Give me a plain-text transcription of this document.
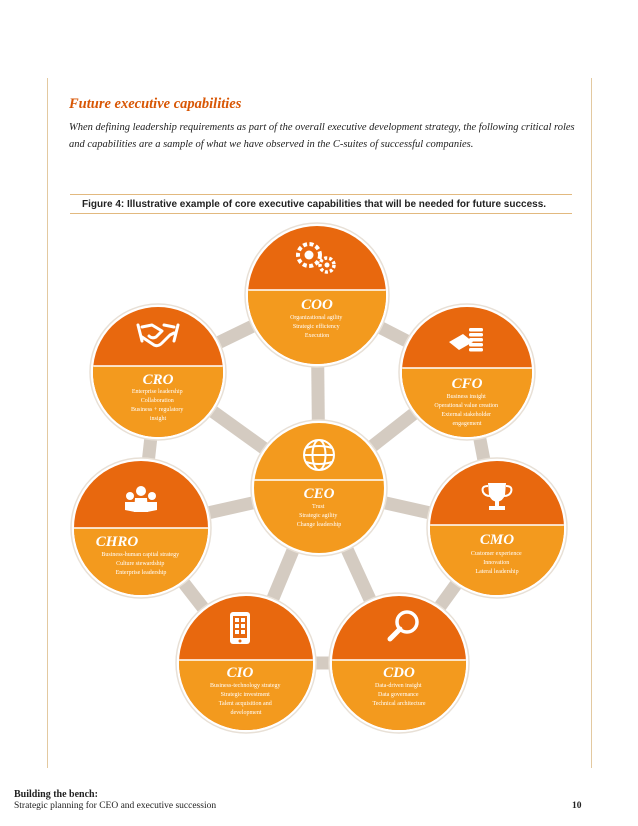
Future executive capabilities

When defining leadership requirements as part of the overall executive development strategy, the following critical roles and capabilities are a sample of what we have observed in the C-suites of successful companies.

Figure 4: Illustrative example of core executive capabilities that will be needed for future success.

COO
Organizational agility Strategic efficiency Execution
CRO
Enterprise leadership Collaboration Business + regulatory insight
CFO
Business insight Operational value creation External stakeholder engagement
CEO
Trust Strategic agility Change leadership
CHRO
Business-human capital strategy Culture stewardship Enterprise leadership
CMO
Customer experience Innovation Lateral leadership
CIO
Business-technology strategy Strategic investment Talent acquisition and development
CDO
Data-driven insight Data governance Technical architecture

Building the bench:

Strategic planning for CEO and executive succession	10
